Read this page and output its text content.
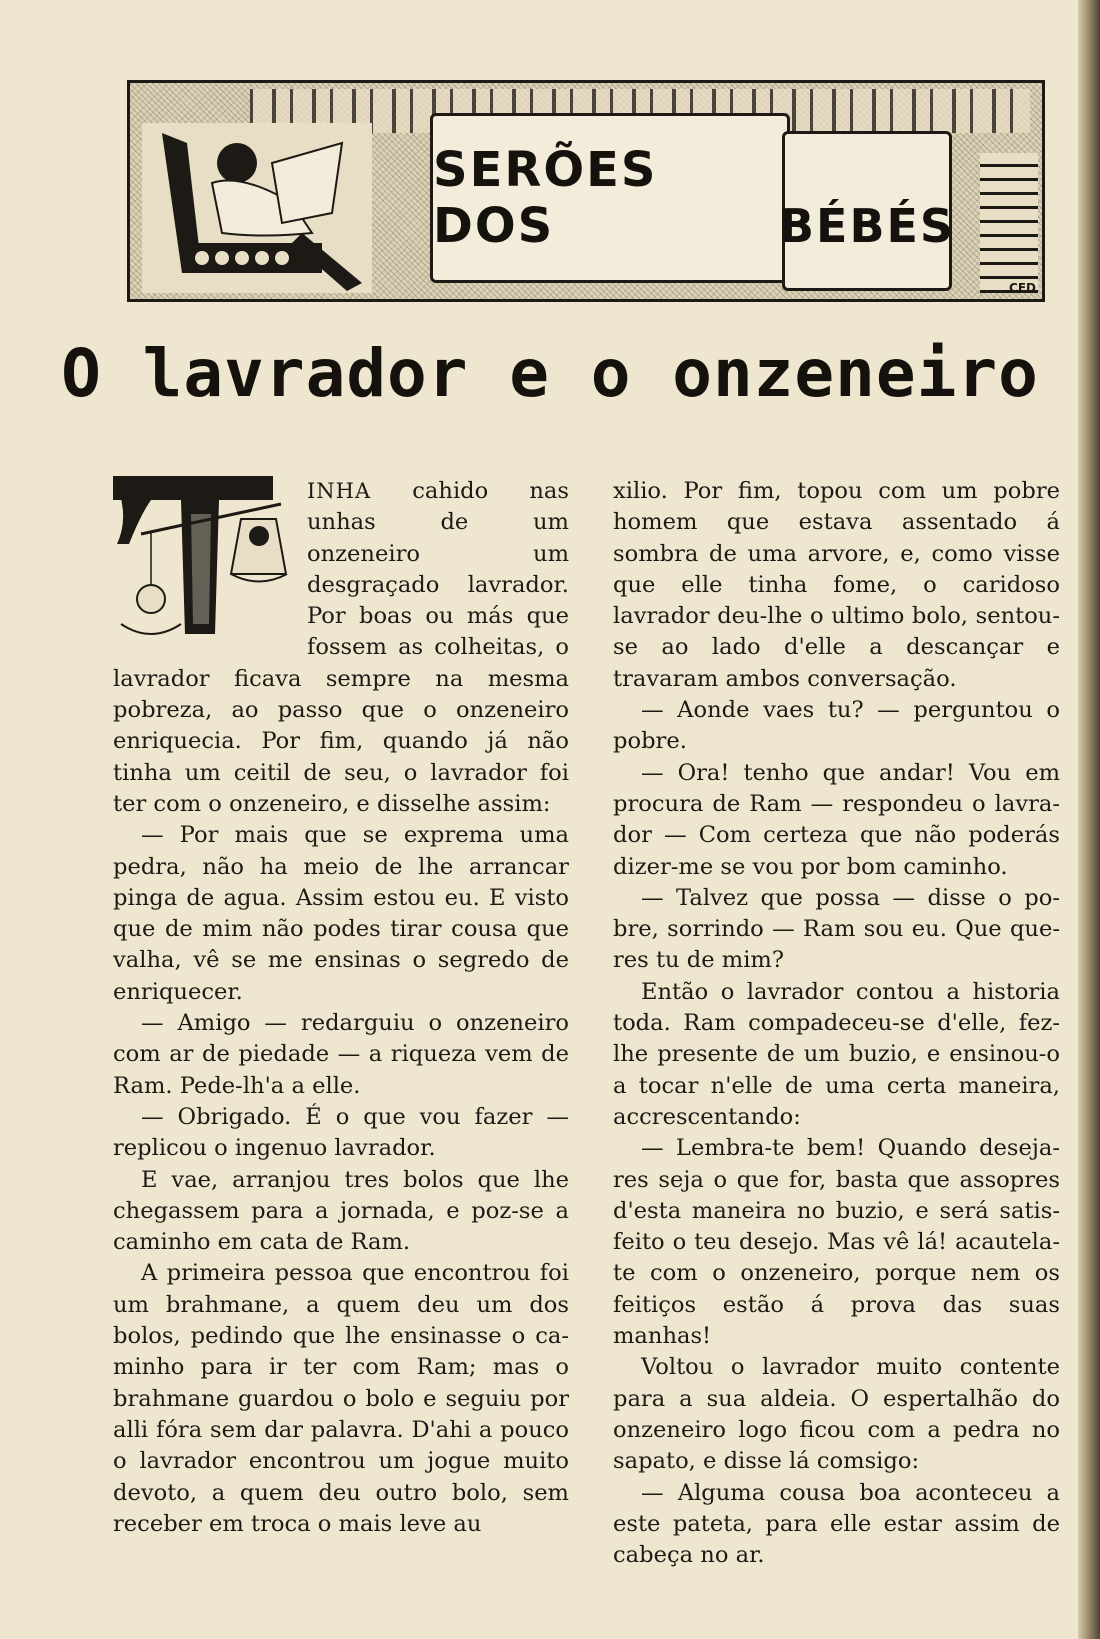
SERÕES DOS	BÉBÉS
CED
O lavrador e o onzeneiro

INHA cahido nas unhas de um onzeneiro um desgraçado lavrador. Por boas ou más que fossem as colheitas, o lavrador ficava sempre na mesma pobreza, ao passo que o onzeneiro enriquecia. Por fim, quando já não tinha um ceitil de seu, o lavrador foi ter com o onzeneiro, e disselhe assim:

— Por mais que se exprema uma pedra, não ha meio de lhe arrancar pinga de agua. Assim estou eu. E visto que de mim não podes tirar cousa que valha, vê se me ensinas o segredo de enriquecer.

— Amigo — redarguiu o onzeneiro com ar de piedade — a riqueza vem de Ram. Pede-lh'a a elle.

— Obrigado. É o que vou fazer — replicou o ingenuo lavrador.

E vae, arranjou tres bolos que lhe chegassem para a jornada, e poz-se a caminho em cata de Ram.

A primeira pessoa que encontrou foi um brahmane, a quem deu um dos bolos, pedindo que lhe ensinasse o caminho para ir ter com Ram; mas o brahmane guardou o bolo e seguiu por alli fóra sem dar palavra. D'ahi a pouco o lavrador encontrou um jogue muito devoto, a quem deu outro bolo, sem receber em troca o mais leve au

xilio. Por fim, topou com um pobre homem que estava assentado á sombra de uma arvore, e, como visse que elle tinha fome, o caridoso lavrador deu-lhe o ultimo bolo, sentou-se ao lado d'elle a descançar e travaram ambos conversação.

— Aonde vaes tu? — perguntou o pobre.

— Ora! tenho que andar! Vou em procura de Ram — respondeu o lavrador — Com certeza que não poderás dizer-me se vou por bom caminho.

— Talvez que possa — disse o pobre, sorrindo — Ram sou eu. Que queres tu de mim?

Então o lavrador contou a historia toda. Ram compadeceu-se d'elle, fezlhe presente de um buzio, e ensinou-o a tocar n'elle de uma certa maneira, accrescentando:

— Lembra-te bem! Quando desejares seja o que for, basta que assopres d'esta maneira no buzio, e será satisfeito o teu desejo. Mas vê lá! acautela-te com o onzeneiro, porque nem os feitiços estão á prova das suas manhas!

Voltou o lavrador muito contente para a sua aldeia. O espertalhão do onzeneiro logo ficou com a pedra no sapato, e disse lá comsigo:

— Alguma cousa boa aconteceu a este pateta, para elle estar assim de cabeça no ar.
